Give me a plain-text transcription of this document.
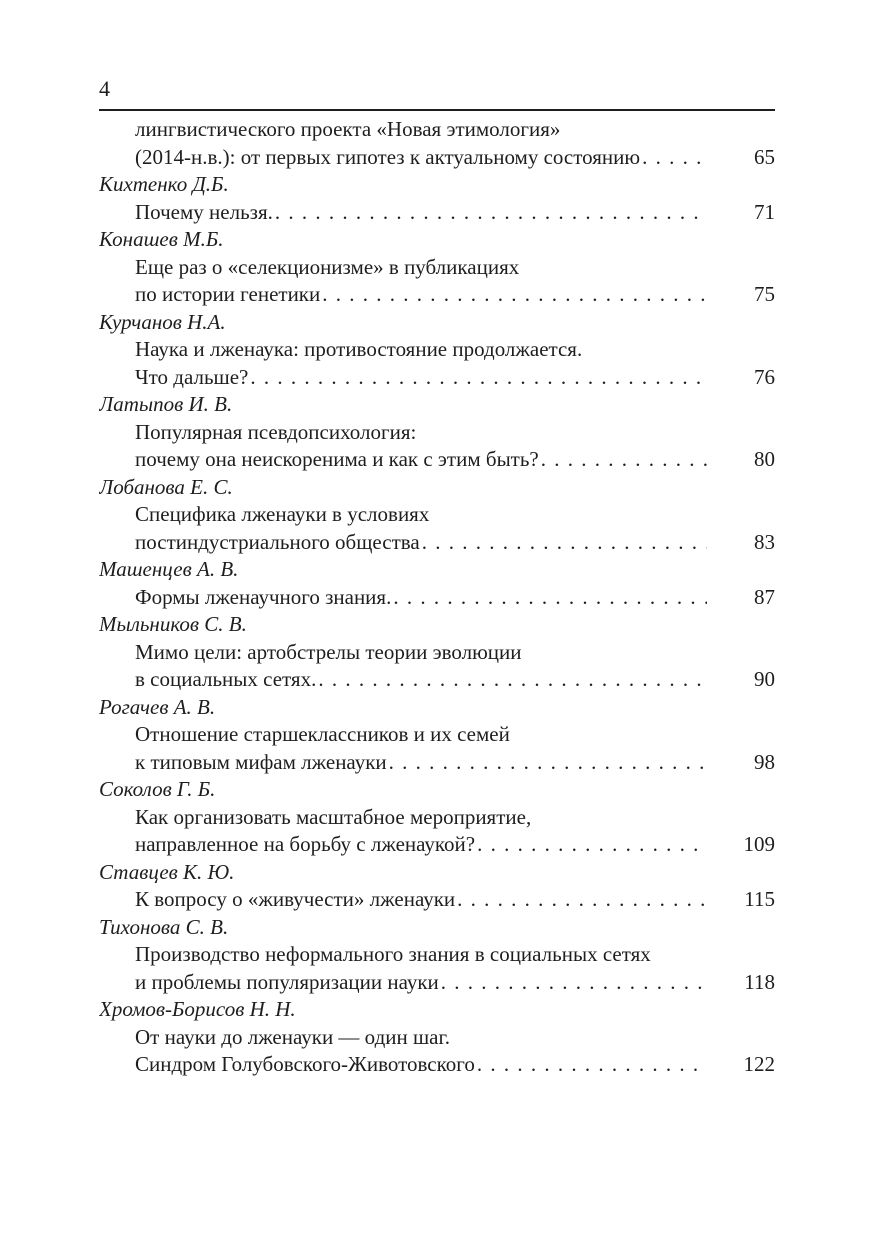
4
лингвистического проекта «Новая этимология»
(2014-н.в.): от первых гипотез к актуальному состоянию . . .	65
Кихтенко Д.Б.
Почему нельзя. . . .	71
Конашев М.Б.
Еще раз о «селекционизме» в публикациях
по истории генетики . . .	75
Курчанов Н.А.
Наука и лженаука: противостояние продолжается.
Что дальше? . . .	76
Латыпов И. В.
Популярная псевдопсихология:
почему она неискоренима и как с этим быть? . . .	80
Лобанова Е. С.
Специфика лженауки в условиях
постиндустриального общества . . .	83
Машенцев А. В.
Формы лженаучного знания. . . .	87
Мыльников С. В.
Мимо цели: артобстрелы теории эволюции
в социальных сетях. . . .	90
Рогачев А. В.
Отношение старшеклассников и их семей
к типовым мифам лженауки . . .	98
Соколов Г. Б.
Как организовать масштабное мероприятие,
направленное на борьбу с лженаукой? . . .	109
Ставцев К. Ю.
К вопросу о «живучести» лженауки . . .	115
Тихонова С. В.
Производство неформального знания в социальных сетях
и проблемы популяризации науки . . .	118
Хромов-Борисов Н. Н.
От науки до лженауки — один шаг.
Синдром Голубовского-Животовского . . .	122
